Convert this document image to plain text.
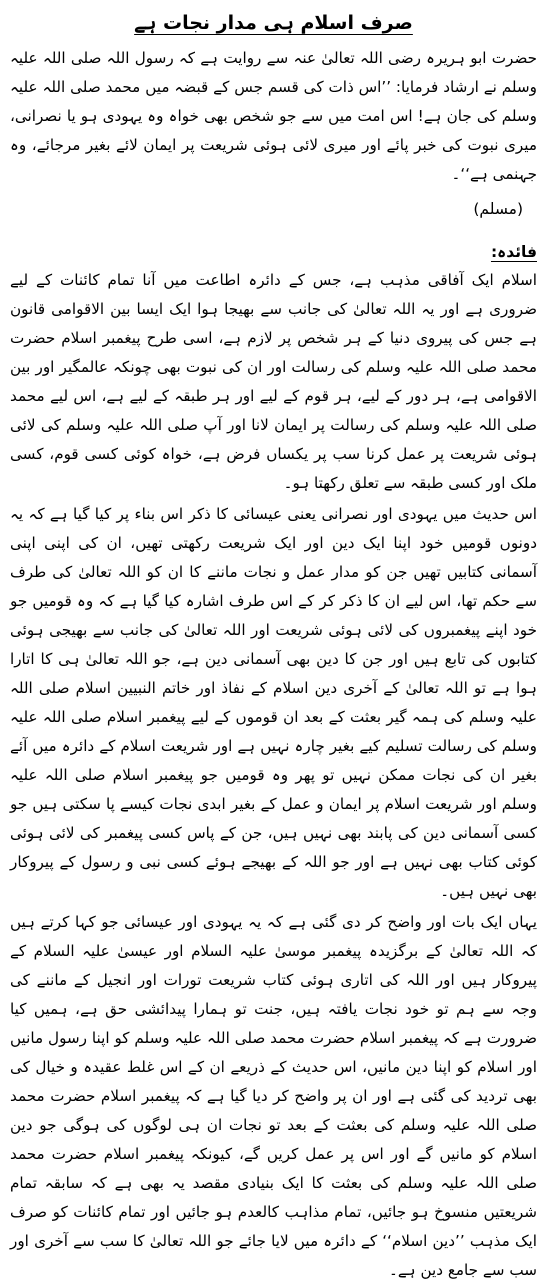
صرف اسلام ہی مدار نجات ہے

حضرت ابو ہریرہ رضی اللہ تعالیٰ عنہ سے روایت ہے کہ رسول اللہ صلی اللہ علیہ وسلم نے ارشاد فرمایا: ’’اس ذات کی قسم جس کے قبضہ میں محمد صلی اللہ علیہ وسلم کی جان ہے! اس امت میں سے جو شخص بھی خواہ وہ یہودی ہو یا نصرانی، میری نبوت کی خبر پائے اور میری لائی ہوئی شریعت پر ایمان لائے بغیر مرجائے، وہ جہنمی ہے‘‘۔

(مسلم)

فائدہ:

اسلام ایک آفاقی مذہب ہے، جس کے دائرہ اطاعت میں آنا تمام کائنات کے لیے ضروری ہے اور یہ اللہ تعالیٰ کی جانب سے بھیجا ہوا ایک ایسا بین الاقوامی قانون ہے جس کی پیروی دنیا کے ہر شخص پر لازم ہے، اسی طرح پیغمبر اسلام حضرت محمد صلی اللہ علیہ وسلم کی رسالت اور ان کی نبوت بھی چونکہ عالمگیر اور بین الاقوامی ہے، ہر دور کے لیے، ہر قوم کے لیے اور ہر طبقہ کے لیے ہے، اس لیے محمد صلی اللہ علیہ وسلم کی رسالت پر ایمان لانا اور آپ صلی اللہ علیہ وسلم کی لائی ہوئی شریعت پر عمل کرنا سب پر یکساں فرض ہے، خواہ کوئی کسی قوم، کسی ملک اور کسی طبقہ سے تعلق رکھتا ہو۔

اس حدیث میں یہودی اور نصرانی یعنی عیسائی کا ذکر اس بناء پر کیا گیا ہے کہ یہ دونوں قومیں خود اپنا ایک دین اور ایک شریعت رکھتی تھیں، ان کی اپنی اپنی آسمانی کتابیں تھیں جن کو مدار عمل و نجات ماننے کا ان کو اللہ تعالیٰ کی طرف سے حکم تھا، اس لیے ان کا ذکر کر کے اس طرف اشارہ کیا گیا ہے کہ وہ قومیں جو خود اپنے پیغمبروں کی لائی ہوئی شریعت اور اللہ تعالیٰ کی جانب سے بھیجی ہوئی کتابوں کی تابع ہیں اور جن کا دین بھی آسمانی دین ہے، جو اللہ تعالیٰ ہی کا اتارا ہوا ہے تو اللہ تعالیٰ کے آخری دین اسلام کے نفاذ اور خاتم النبیین اسلام صلی اللہ علیہ وسلم کی ہمہ گیر بعثت کے بعد ان قوموں کے لیے پیغمبر اسلام صلی اللہ علیہ وسلم کی رسالت تسلیم کیے بغیر چارہ نہیں ہے اور شریعت اسلام کے دائرہ میں آئے بغیر ان کی نجات ممکن نہیں تو پھر وہ قومیں جو پیغمبر اسلام صلی اللہ علیہ وسلم اور شریعت اسلام پر ایمان و عمل کے بغیر ابدی نجات کیسے پا سکتی ہیں جو کسی آسمانی دین کی پابند بھی نہیں ہیں، جن کے پاس کسی پیغمبر کی لائی ہوئی کوئی کتاب بھی نہیں ہے اور جو اللہ کے بھیجے ہوئے کسی نبی و رسول کے پیروکار بھی نہیں ہیں۔

یہاں ایک بات اور واضح کر دی گئی ہے کہ یہ یہودی اور عیسائی جو کہا کرتے ہیں کہ اللہ تعالیٰ کے برگزیدہ پیغمبر موسیٰ علیہ السلام اور عیسیٰ علیہ السلام کے پیروکار ہیں اور اللہ کی اتاری ہوئی کتاب شریعت تورات اور انجیل کے ماننے کی وجہ سے ہم تو خود نجات یافتہ ہیں، جنت تو ہمارا پیدائشی حق ہے، ہمیں کیا ضرورت ہے کہ پیغمبر اسلام حضرت محمد صلی اللہ علیہ وسلم کو اپنا رسول مانیں اور اسلام کو اپنا دین مانیں، اس حدیث کے ذریعے ان کے اس غلط عقیدہ و خیال کی بھی تردید کی گئی ہے اور ان پر واضح کر دیا گیا ہے کہ پیغمبر اسلام حضرت محمد صلی اللہ علیہ وسلم کی بعثت کے بعد تو نجات ان ہی لوگوں کی ہوگی جو دین اسلام کو مانیں گے اور اس پر عمل کریں گے، کیونکہ پیغمبر اسلام حضرت محمد صلی اللہ علیہ وسلم کی بعثت کا ایک بنیادی مقصد یہ بھی ہے کہ سابقہ تمام شریعتیں منسوخ ہو جائیں، تمام مذاہب کالعدم ہو جائیں اور تمام کائنات کو صرف ایک مذہب ’’دین اسلام‘‘ کے دائرہ میں لایا جائے جو اللہ تعالیٰ کا سب سے آخری اور سب سے جامع دین ہے۔
